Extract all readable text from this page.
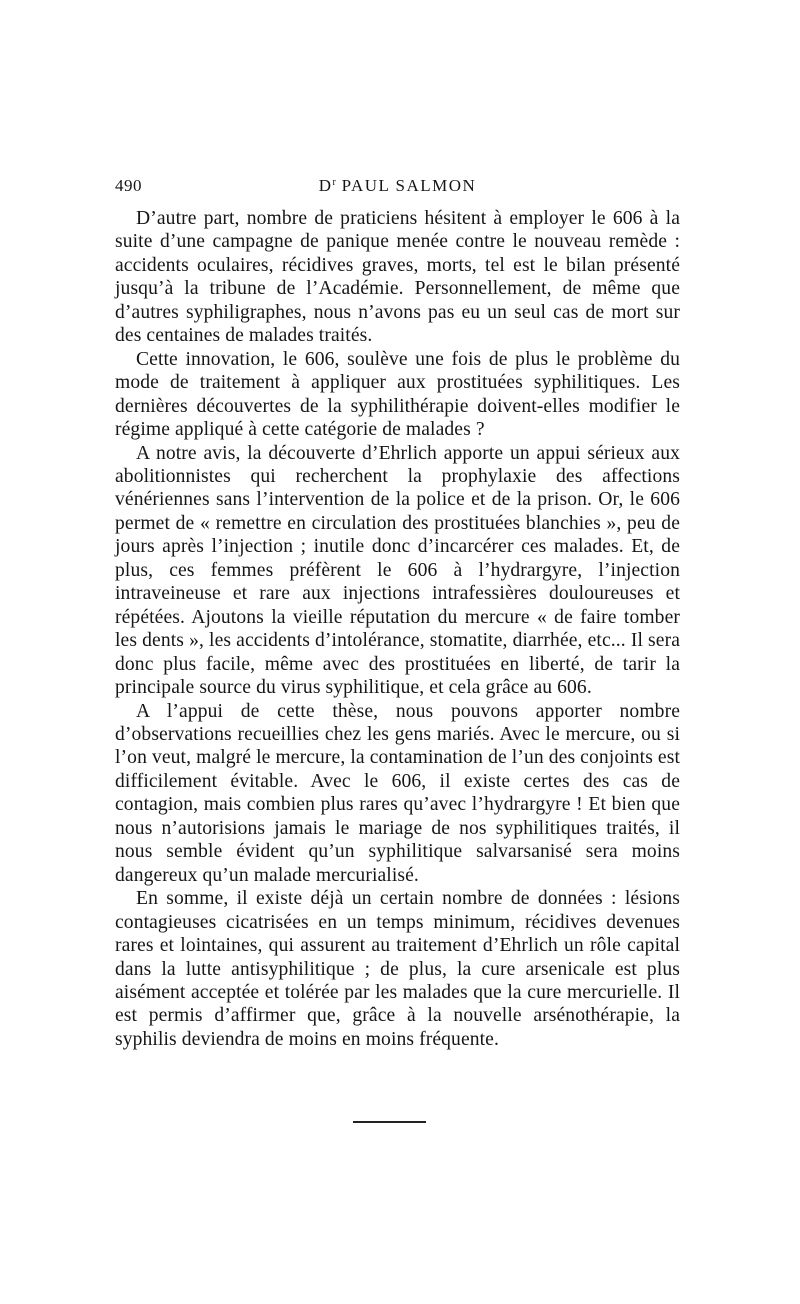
490	$D^r$ PAUL SALMON

D’autre part, nombre de praticiens hésitent à employer le 606 à la suite d’une campagne de panique menée contre le nouveau remède : accidents oculaires, récidives graves, morts, tel est le bilan présenté jusqu’à la tribune de l’Académie. Personnellement, de même que d’autres syphiligraphes, nous n’avons pas eu un seul cas de mort sur des centaines de malades traités.

Cette innovation, le 606, soulève une fois de plus le problème du mode de traitement à appliquer aux prostituées syphilitiques. Les dernières découvertes de la syphilithérapie doivent-elles modifier le régime appliqué à cette catégorie de malades ?

A notre avis, la découverte d’Ehrlich apporte un appui sérieux aux abolitionnistes qui recherchent la prophylaxie des affections vénériennes sans l’intervention de la police et de la prison. Or, le 606 permet de « remettre en circulation des prostituées blanchies », peu de jours après l’injection ; inutile donc d’incarcérer ces malades. Et, de plus, ces femmes préfèrent le 606 à l’hydrargyre, l’injection intraveineuse et rare aux injections intrafessières douloureuses et répétées. Ajoutons la vieille réputation du mercure « de faire tomber les dents », les accidents d’intolérance, stomatite, diarrhée, etc... Il sera donc plus facile, même avec des prostituées en liberté, de tarir la principale source du virus syphilitique, et cela grâce au 606.

A l’appui de cette thèse, nous pouvons apporter nombre d’observations recueillies chez les gens mariés. Avec le mercure, ou si l’on veut, malgré le mercure, la contamination de l’un des conjoints est difficilement évitable. Avec le 606, il existe certes des cas de contagion, mais combien plus rares qu’avec l’hydrargyre ! Et bien que nous n’autorisions jamais le mariage de nos syphilitiques traités, il nous semble évident qu’un syphilitique salvarsanisé sera moins dangereux qu’un malade mercurialisé.

En somme, il existe déjà un certain nombre de données : lésions contagieuses cicatrisées en un temps minimum, récidives devenues rares et lointaines, qui assurent au traitement d’Ehrlich un rôle capital dans la lutte antisyphilitique ; de plus, la cure arsenicale est plus aisément acceptée et tolérée par les malades que la cure mercurielle. Il est permis d’affirmer que, grâce à la nouvelle arsénothérapie, la syphilis deviendra de moins en moins fréquente.
